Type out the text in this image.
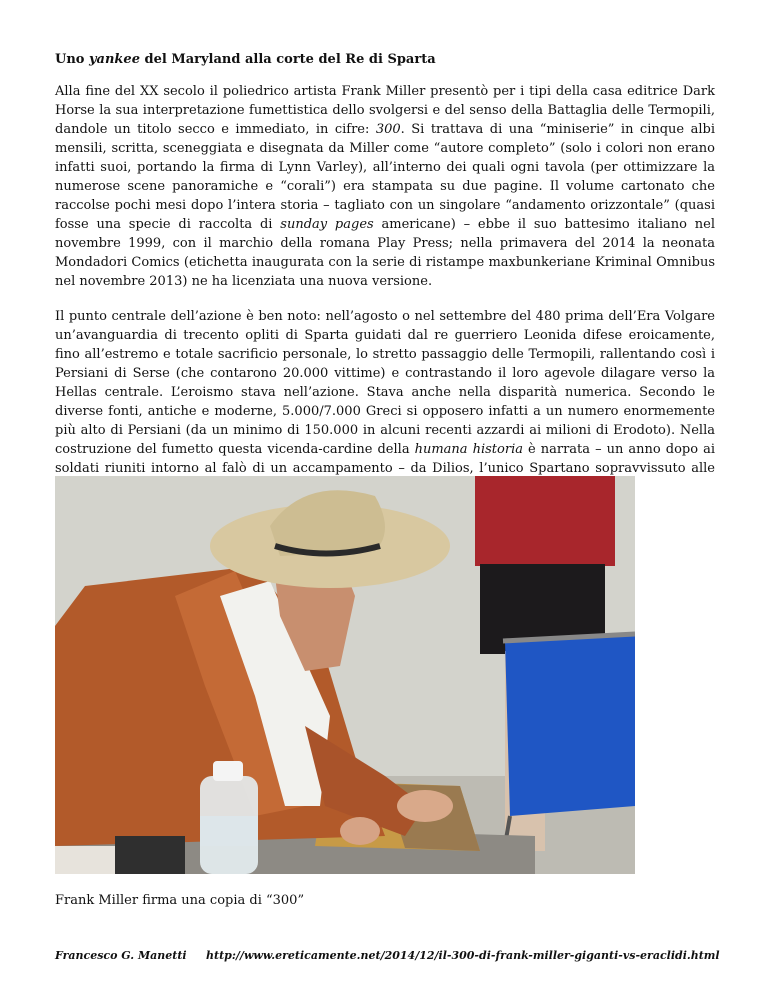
Uno yankee del Maryland alla corte del Re di Sparta

Alla fine del XX secolo il poliedrico artista Frank Miller presentò per i tipi della casa editrice Dark Horse la sua interpretazione fumettistica dello svolgersi e del senso della Battaglia delle Termopili, dandole un titolo secco e immediato, in cifre: 300. Si trattava di una “miniserie” in cinque albi mensili, scritta, sceneggiata e disegnata da Miller come “autore completo” (solo i colori non erano infatti suoi, portando la firma di Lynn Varley), all’interno dei quali ogni tavola (per ottimizzare la numerose scene panoramiche e “corali”) era stampata su due pagine. Il volume cartonato che raccolse pochi mesi dopo l’intera storia – tagliato con un singolare “andamento orizzontale” (quasi fosse una specie di raccolta di sunday pages americane) – ebbe il suo battesimo italiano nel novembre 1999, con il marchio della romana Play Press; nella primavera del 2014 la neonata Mondadori Comics (etichetta inaugurata con la serie di ristampe maxbunkeriane Kriminal Omnibus nel novembre 2013) ne ha licenziata una nuova versione.

Il punto centrale dell’azione è ben noto: nell’agosto o nel settembre del 480 prima dell’Era Volgare un’avanguardia di trecento opliti di Sparta guidati dal re guerriero Leonida difese eroicamente, fino all’estremo e totale sacrificio personale, lo stretto passaggio delle Termopili, rallentando così i Persiani di Serse (che contarono 20.000 vittime) e contrastando il loro agevole dilagare verso la Hellas centrale. L’eroismo stava nell’azione. Stava anche nella disparità numerica. Secondo le diverse fonti, antiche e moderne, 5.000/7.000 Greci si opposero infatti a un numero enormemente più alto di Persiani (da un minimo di 150.000 in alcuni recenti azzardi ai milioni di Erodoto). Nella costruzione del fumetto questa vicenda-cardine della humana historia è narrata – un anno dopo ai soldati riuniti intorno al falò di un accampamento – da Dilios, l’unico Spartano sopravvissuto alle

Frank Miller firma una copia di “300”
Francesco G. Manetti http://www.ereticamente.net/2014/12/il-300-di-frank-miller-giganti-vs-eraclidi.html
